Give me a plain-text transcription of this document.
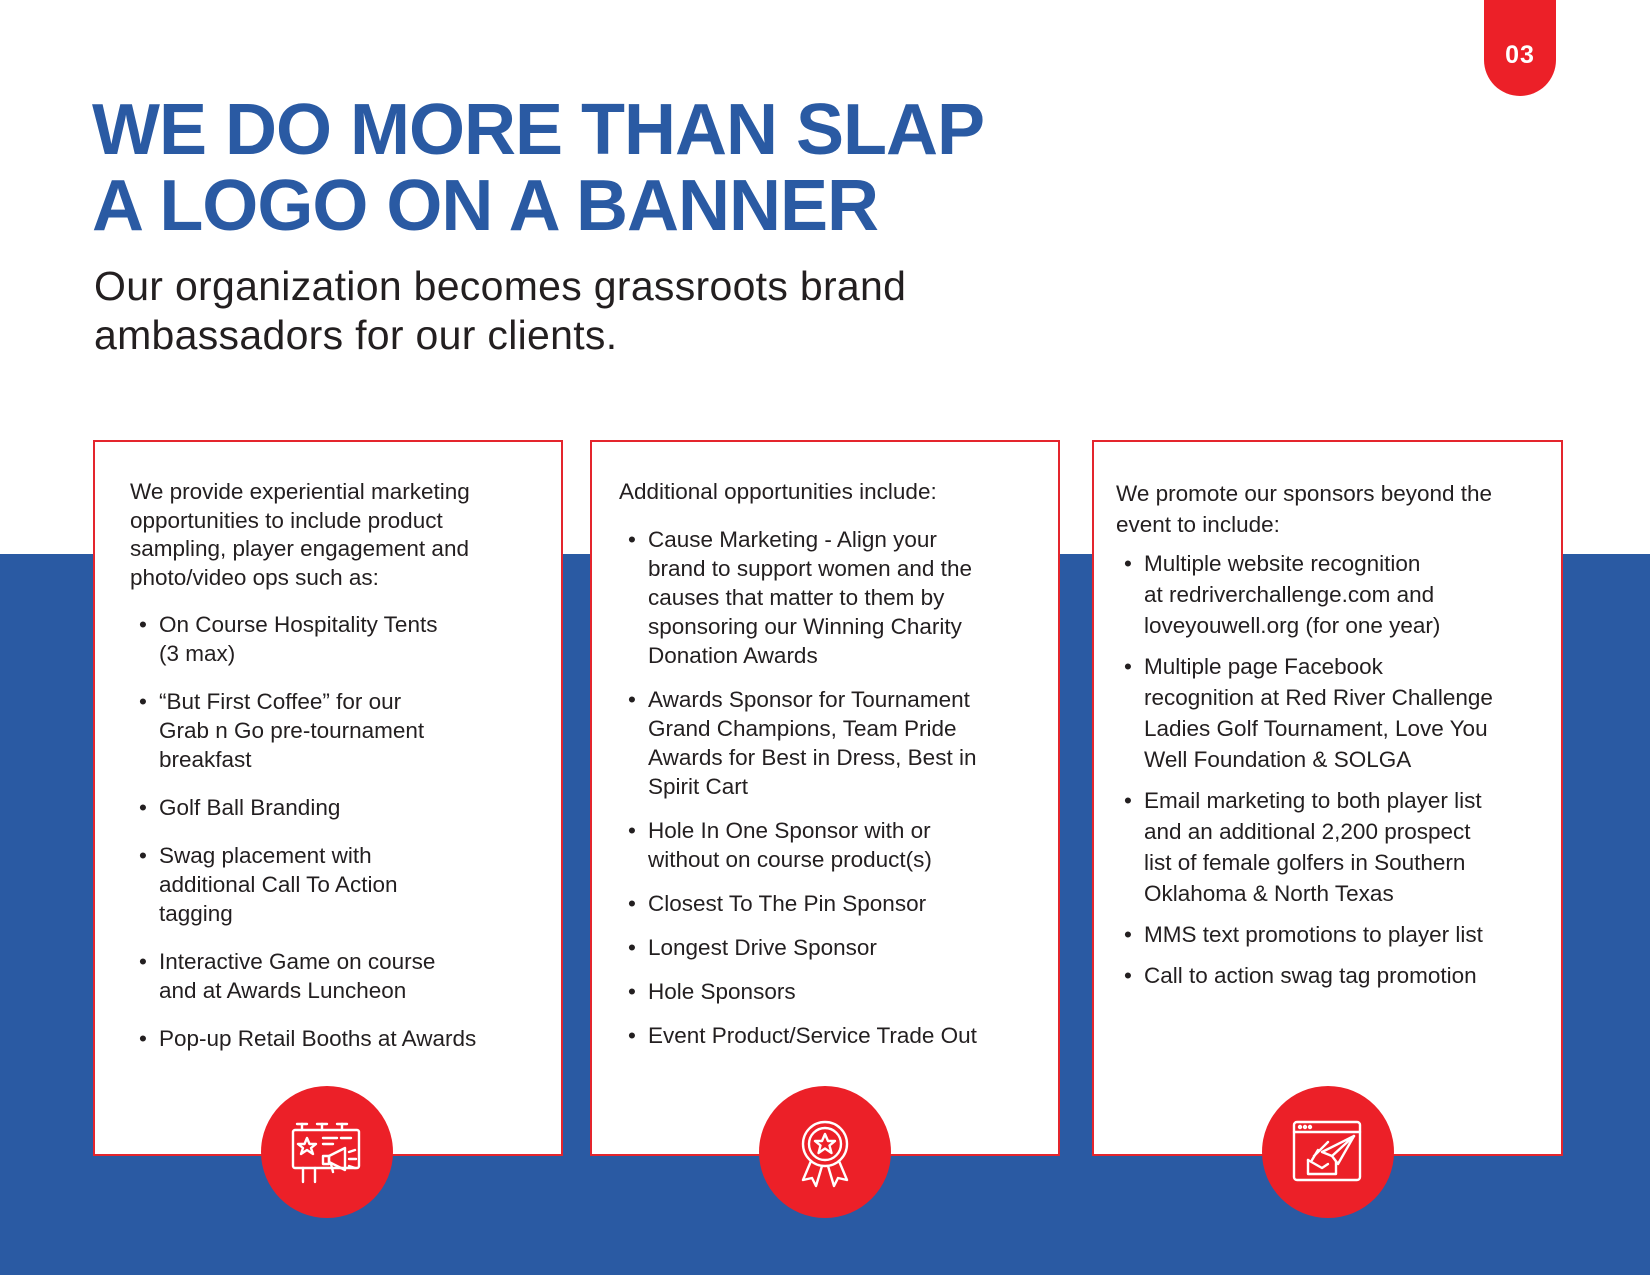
03
WE DO MORE THAN SLAP
A LOGO ON A BANNER

Our organization becomes grassroots brand
ambassadors for our clients.

We provide experiential marketing
opportunities to include product
sampling, player engagement and
photo/video ops such as:
• On Course Hospitality Tents
(3 max)
• “But First Coffee” for our
Grab n Go pre-tournament
breakfast
• Golf Ball Branding
• Swag placement with
additional Call To Action
tagging
• Interactive Game on course
and at Awards Luncheon
• Pop-up Retail Booths at Awards
Additional opportunities include:
• Cause Marketing - Align your
brand to support women and the
causes that matter to them by
sponsoring our Winning Charity
Donation Awards
• Awards Sponsor for Tournament
Grand Champions, Team Pride
Awards for Best in Dress, Best in
Spirit Cart
• Hole In One Sponsor with or
without on course product(s)
• Closest To The Pin Sponsor
• Longest Drive Sponsor
• Hole Sponsors
• Event Product/Service Trade Out
We promote our sponsors beyond the
event to include:
• Multiple website recognition
at redriverchallenge.com and
loveyouwell.org (for one year)
• Multiple page Facebook
recognition at Red River Challenge
Ladies Golf Tournament, Love You
Well Foundation & SOLGA
• Email marketing to both player list
and an additional 2,200 prospect
list of female golfers in Southern
Oklahoma & North Texas
• MMS text promotions to player list
• Call to action swag tag promotion
